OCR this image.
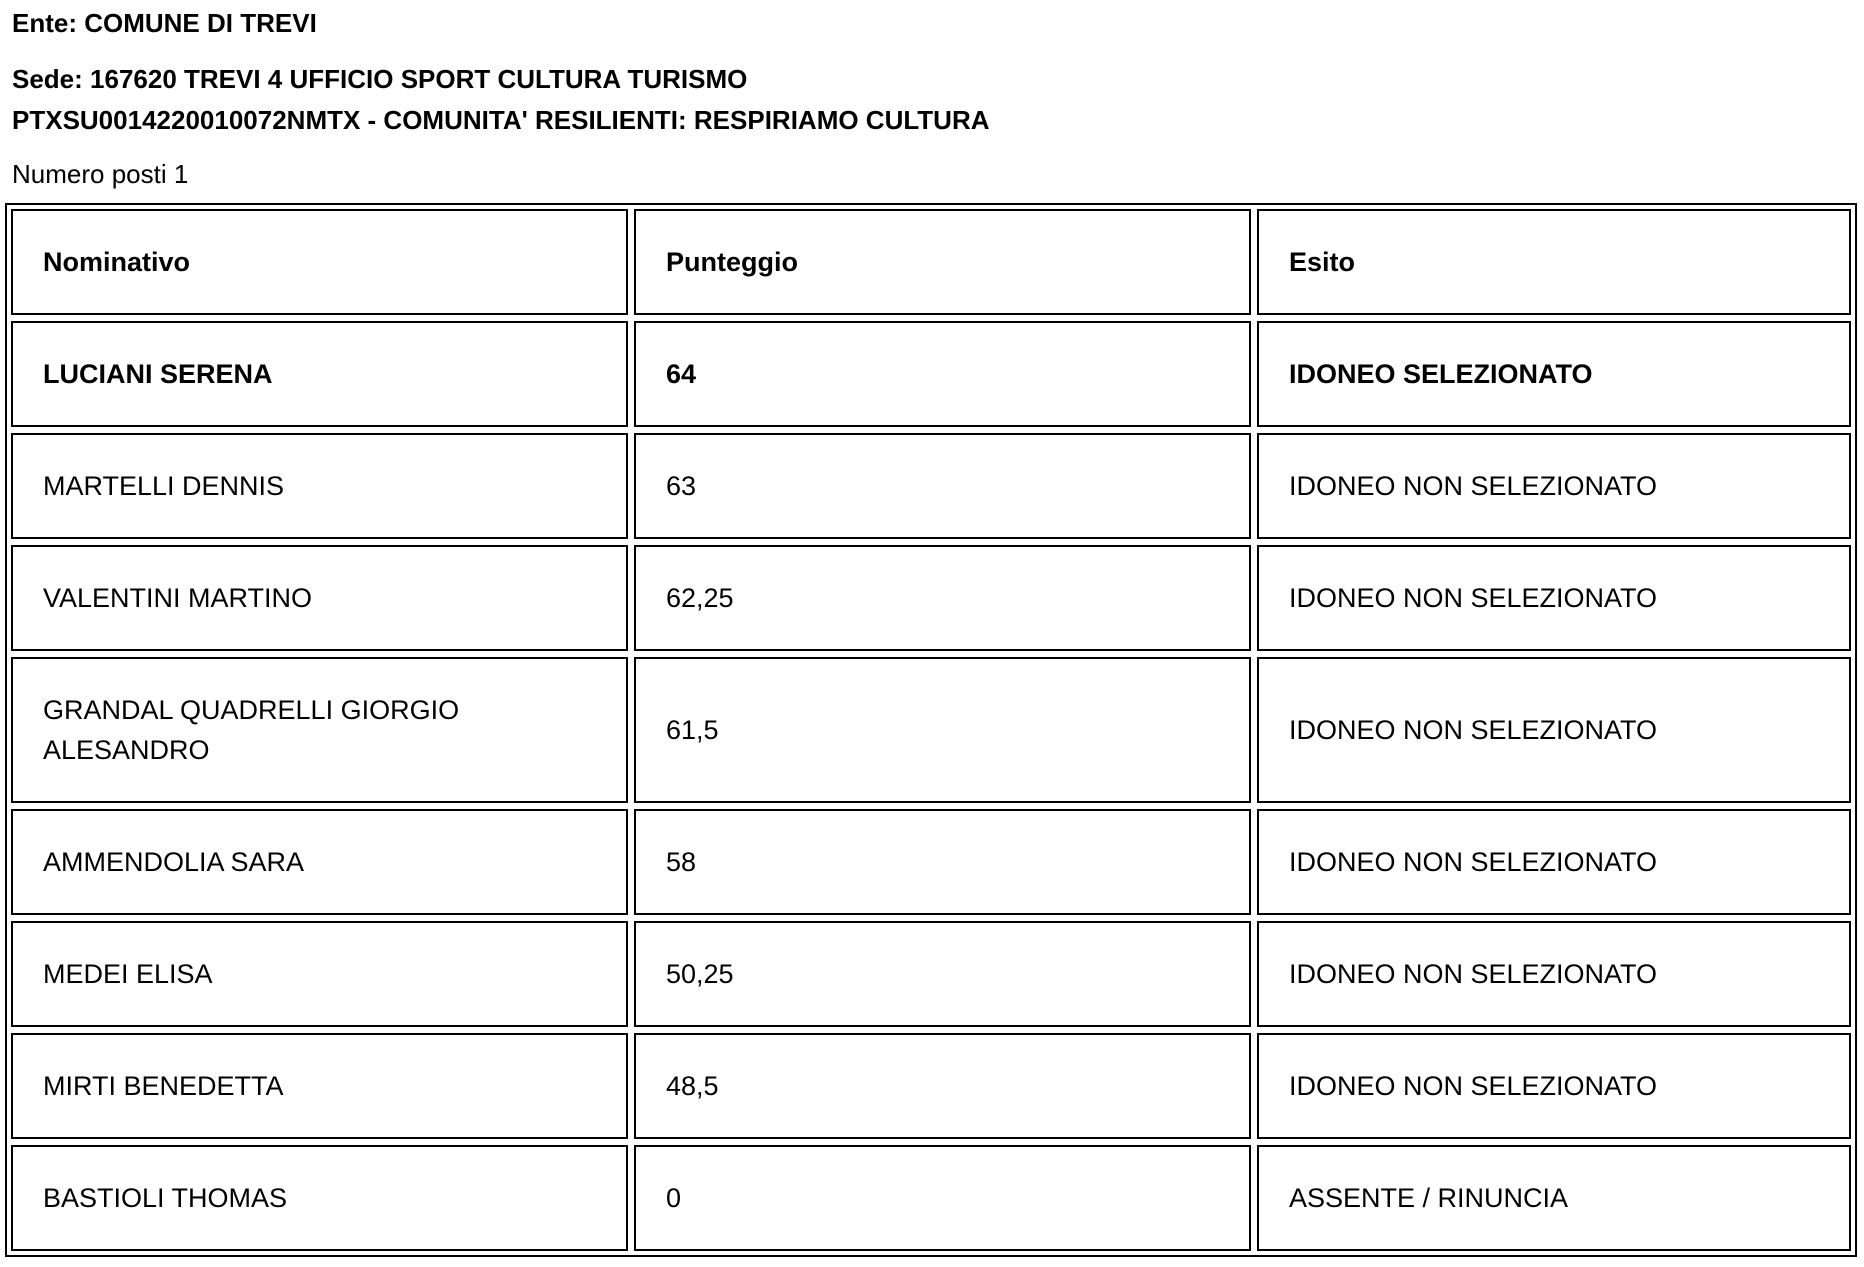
Ente: COMUNE DI TREVI

Sede: 167620 TREVI 4 UFFICIO SPORT CULTURA TURISMO

PTXSU0014220010072NMTX - COMUNITA' RESILIENTI: RESPIRIAMO CULTURA

Numero posti 1

Nominativo	Punteggio	Esito
LUCIANI SERENA	64	IDONEO SELEZIONATO
MARTELLI DENNIS	63	IDONEO NON SELEZIONATO
VALENTINI MARTINO	62,25	IDONEO NON SELEZIONATO
GRANDAL QUADRELLI GIORGIO ALESANDRO	61,5	IDONEO NON SELEZIONATO
AMMENDOLIA SARA	58	IDONEO NON SELEZIONATO
MEDEI ELISA	50,25	IDONEO NON SELEZIONATO
MIRTI BENEDETTA	48,5	IDONEO NON SELEZIONATO
BASTIOLI THOMAS	0	ASSENTE / RINUNCIA
